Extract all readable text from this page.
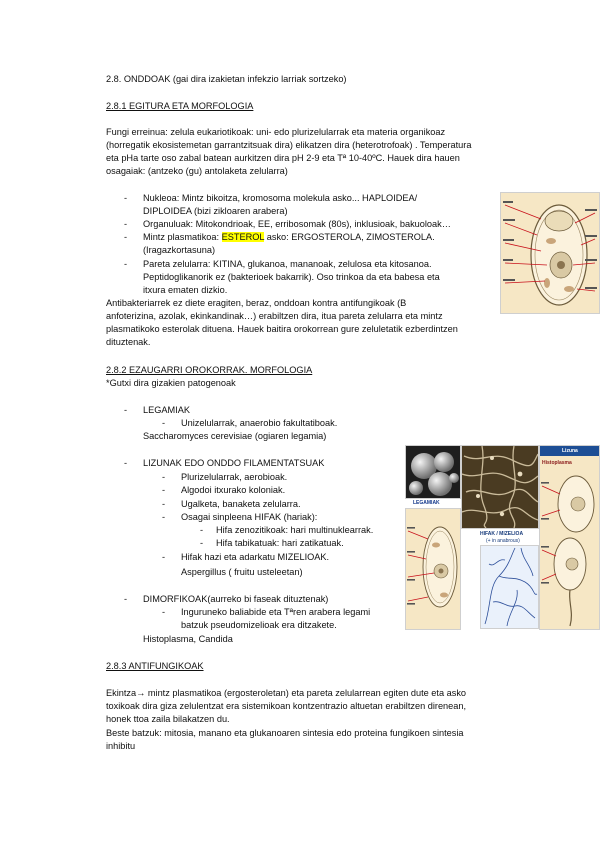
2.8. ONDDOAK (gai dira izakietan infekzio larriak sortzeko)
2.8.1 EGITURA ETA MORFOLOGIA
Fungi erreinua: zelula eukariotikoak: uni- edo plurizelularrak eta materia organikoaz
(horregatik ekosistemetan garrantzitsuak dira) elikatzen dira (heterotrofoak) . Temperatura
eta pHa tarte oso zabal batean aurkitzen dira pH 2-9 eta Tª 10-40ºC. Hauek dira hauen
osagaiak: (antzeko (gu) antolaketa zelularra)
- Nukleoa: Mintz bikoitza, kromosoma molekula asko... HAPLOIDEA/
DIPLOIDEA (bizi zikloaren arabera)
- Organuluak: Mitokondrioak, EE, erribosomak (80s), inklusioak, bakuoloak…
- Mintz plasmatikoa: ESTEROL asko: ERGOSTEROLA, ZIMOSTEROLA.
(Iragazkortasuna)
- Pareta zelularra: KITINA, glukanoa, mananoak, zelulosa eta kitosanoa.
Peptidoglikanorik ez (bakterioek bakarrik). Oso trinkoa da eta babesa eta
itxura ematen dizkio.
Antibakteriarrek ez diete eragiten, beraz, onddoan kontra antifungikoak (B
anfoterizina, azolak, ekinkandinak…) erabiltzen dira, itua pareta zelularra eta mintz
plasmatikoko esterolak dituena. Hauek baitira orokorrean gure zeluletatik ezberdintzen
dituztenak.
2.8.2 EZAUGARRI OROKORRAK. MORFOLOGIA
*Gutxi dira gizakien patogenoak
- LEGAMIAK
- Unizelularrak, anaerobio fakultatiboak.
Saccharomyces cerevisiae (ogiaren legamia)
- LIZUNAK EDO ONDDO FILAMENTATSUAK
- Plurizelularrak, aerobioak.
- Algodoi itxurako koloniak.
- Ugalketa, banaketa zelularra.
- Osagai sinpleena HIFAK (hariak):
- Hifa zenozitikoak: hari multinuklearrak.
- Hifa tabikatuak: hari zatikatuak.
- Hifak hazi eta adarkatu MIZELIOAK.
Aspergillus ( fruitu usteleetan)
- DIMORFIKOAK(aurreko bi faseak dituztenak)
- Inguruneko baliabide eta Tªren arabera legami
batzuk pseudomizelioak era ditzakete.
Histoplasma, Candida
2.8.3 ANTIFUNGIKOAK
Ekintza→ mintz plasmatikoa (ergosteroletan) eta pareta zelularrean egiten dute eta asko
toxikoak dira giza zelulentzat era sistemikoan kontzentrazio altuetan erabiltzen direnean,
honek ttoa zaila bilakatzen du.
Beste batzuk: mitosia, manano eta glukanoaren sintesia edo proteina fungikoen sintesia
inhibitu
LEGAMIAK
HIFAK / MIZELIOA
(+ in anabrous)
Lizuna
Histoplasma
